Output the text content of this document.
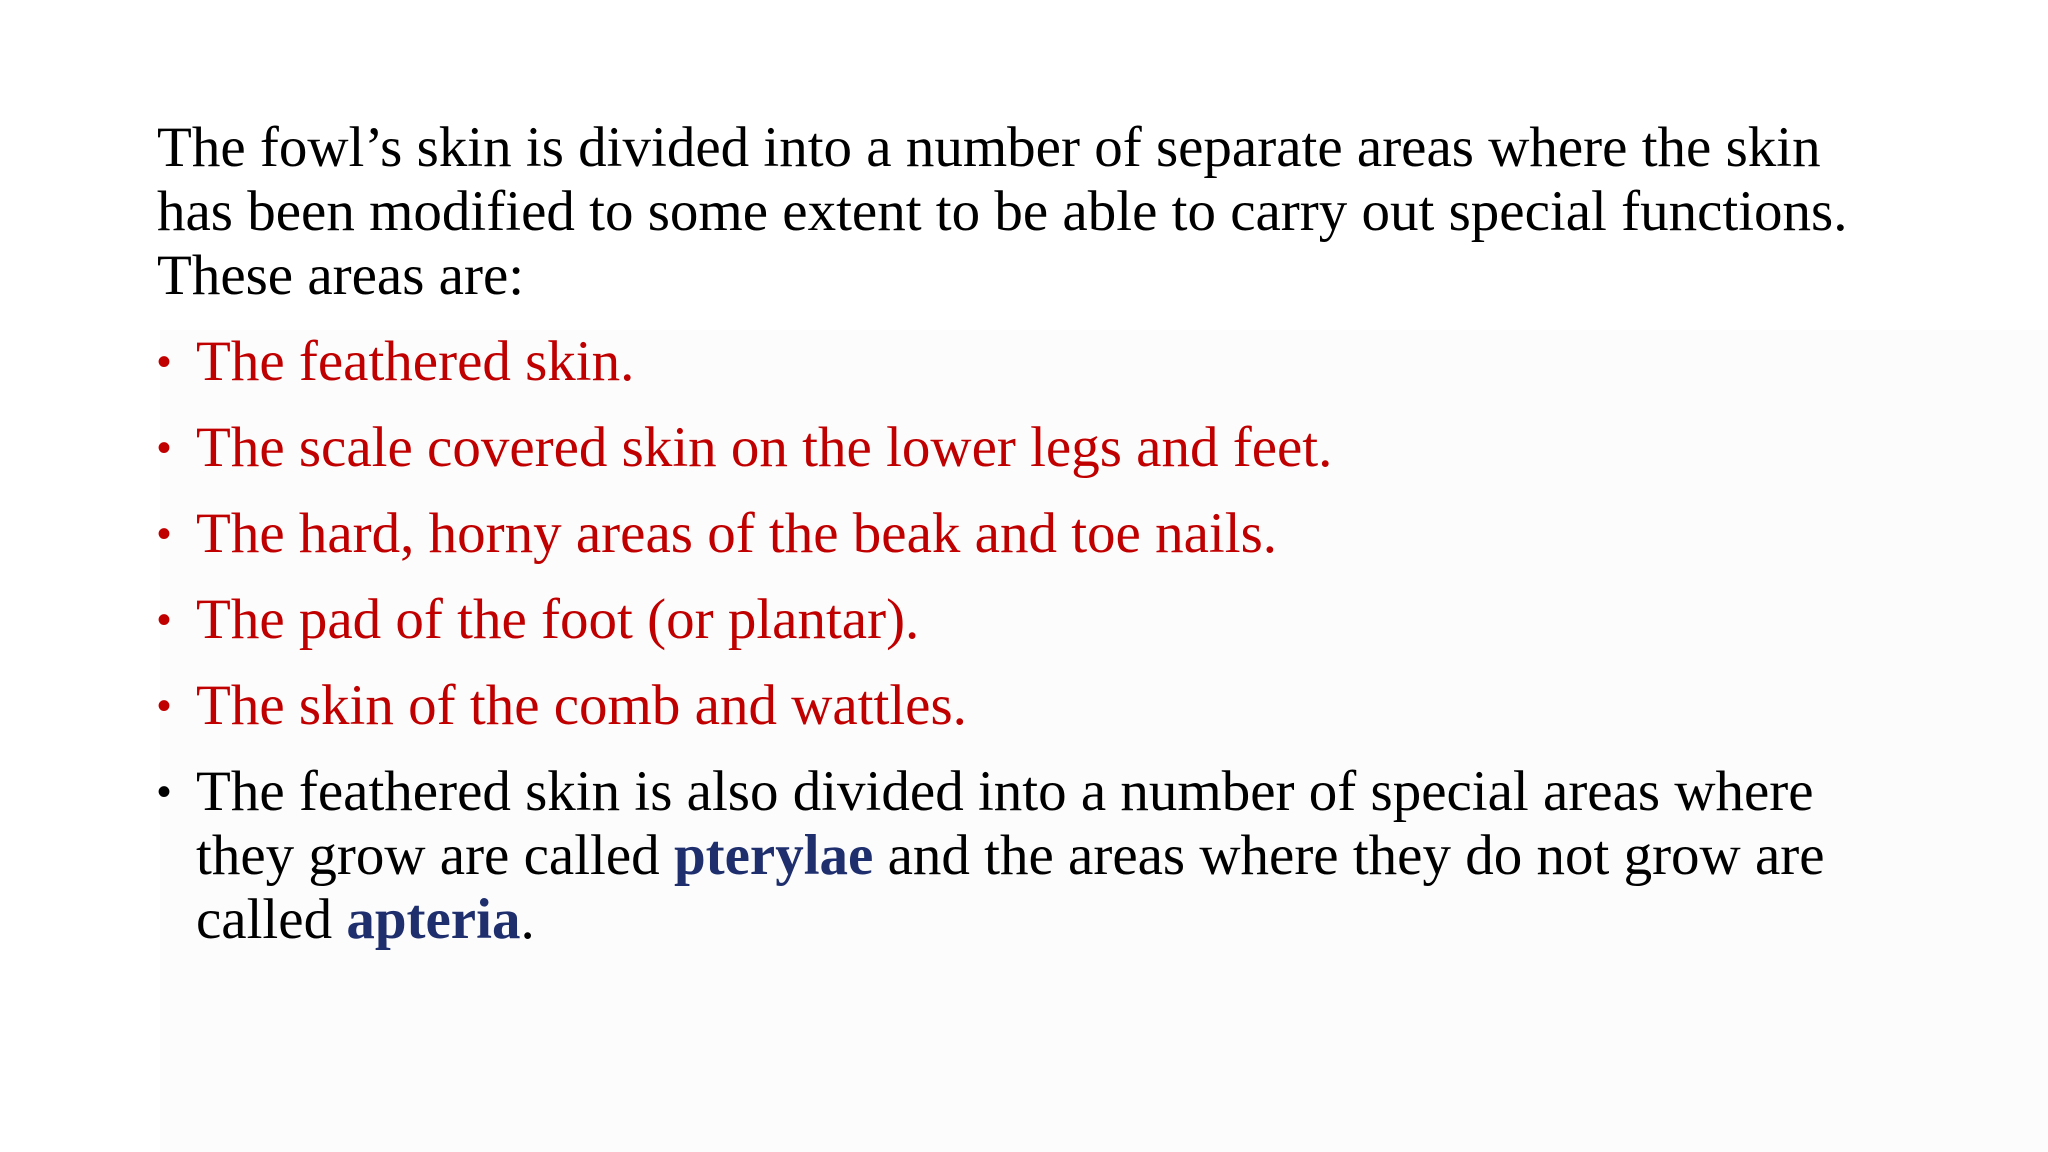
The fowl’s skin is divided into a number of separate areas where the skin has been modified to some extent to be able to carry out special functions. These areas are:

• The feathered skin.
• The scale covered skin on the lower legs and feet.
• The hard, horny areas of the beak and toe nails.
• The pad of the foot (or plantar).
• The skin of the comb and wattles.
• The feathered skin is also divided into a number of special areas where they grow are called pterylae and the areas where they do not grow are called apteria.
